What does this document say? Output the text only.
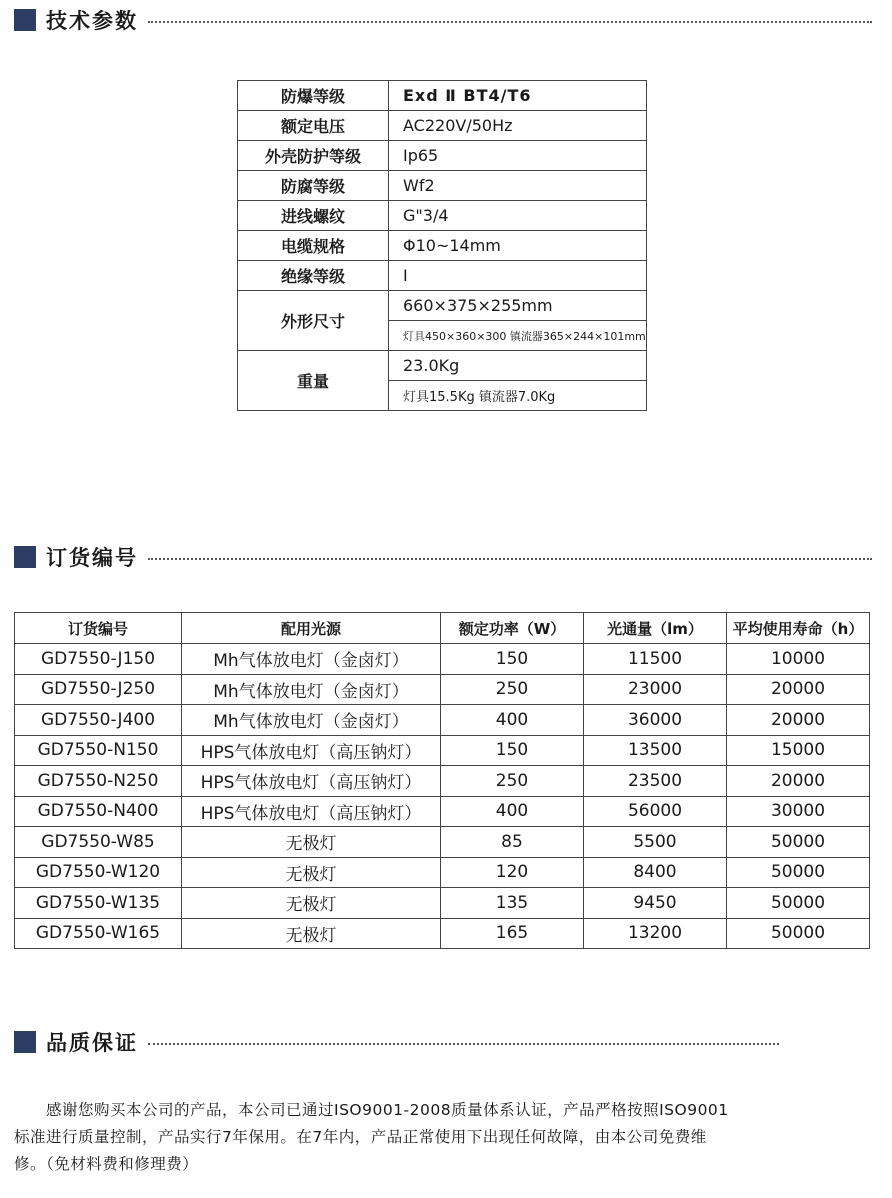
技术参数
防爆等级	Exd Ⅱ BT4/T6
额定电压	AC220V/50Hz
外壳防护等级	Ip65
防腐等级	Wf2
进线螺纹	G"3/4
电缆规格	Φ10~14mm
绝缘等级	I
外形尺寸	660×375×255mm
	灯具450×360×300 镇流器365×244×101mm
重量	23.0Kg
	灯具15.5Kg 镇流器7.0Kg
订货编号
订货编号	配用光源	额定功率（W）	光通量（lm）	平均使用寿命（h）
GD7550-J150	Mh气体放电灯（金卤灯）	150	11500	10000
GD7550-J250	Mh气体放电灯（金卤灯）	250	23000	20000
GD7550-J400	Mh气体放电灯（金卤灯）	400	36000	20000
GD7550-N150	HPS气体放电灯（高压钠灯）	150	13500	15000
GD7550-N250	HPS气体放电灯（高压钠灯）	250	23500	20000
GD7550-N400	HPS气体放电灯（高压钠灯）	400	56000	30000
GD7550-W85	无极灯	85	5500	50000
GD7550-W120	无极灯	120	8400	50000
GD7550-W135	无极灯	135	9450	50000
GD7550-W165	无极灯	165	13200	50000
品质保证
　　感谢您购买本公司的产品，本公司已通过ISO9001-2008质量体系认证，产品严格按照ISO9001
标准进行质量控制，产品实行7年保用。在7年内，产品正常使用下出现任何故障，由本公司免费维
修。（免材料费和修理费）
